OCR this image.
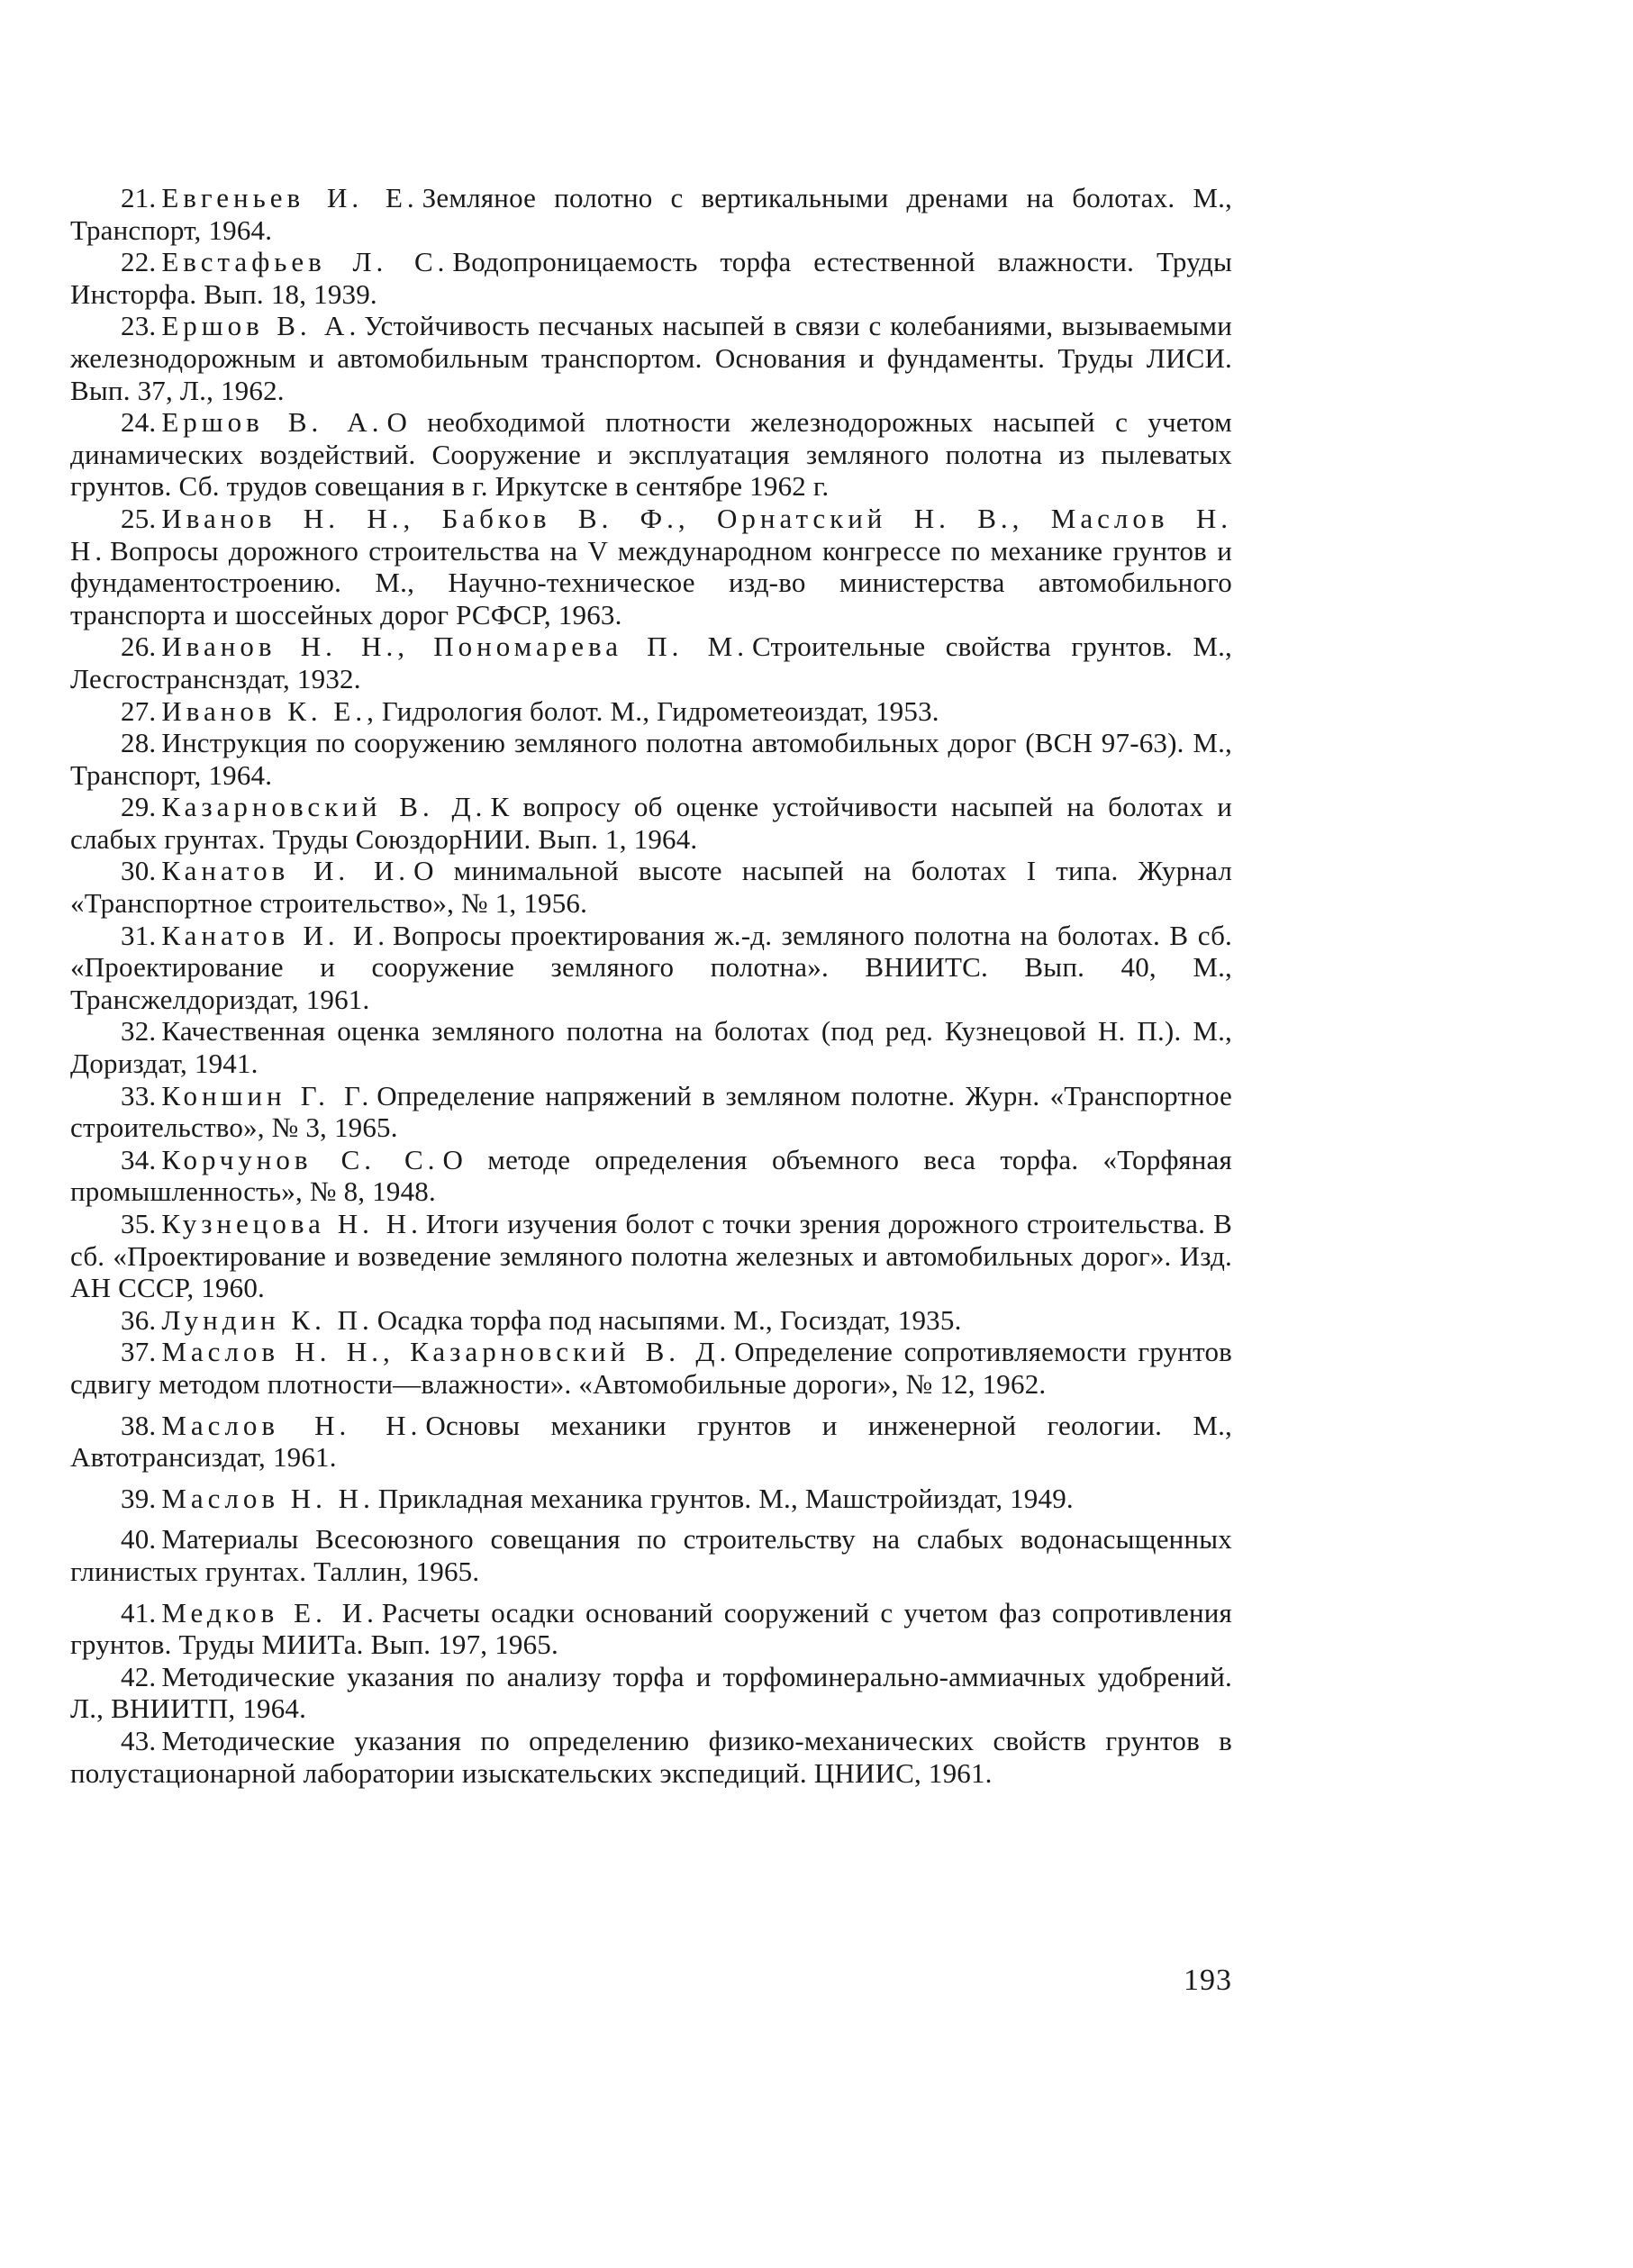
21. Евгеньев И. Е. Земляное полотно с вертикальными дренами на болотах. М., Транспорт, 1964.
22. Евстафьев Л. С. Водопроницаемость торфа естественной влажности. Труды Инсторфа. Вып. 18, 1939.
23. Ершов В. А. Устойчивость песчаных насыпей в связи с колебаниями, вызываемыми железнодорожным и автомобильным транспортом. Основания и фундаменты. Труды ЛИСИ. Вып. 37, Л., 1962.
24. Ершов В. А. О необходимой плотности железнодорожных насыпей с учетом динамических воздействий. Сооружение и эксплуатация земляного полотна из пылеватых грунтов. Сб. трудов совещания в г. Иркутске в сентябре 1962 г.
25. Иванов Н. Н., Бабков В. Ф., Орнатский Н. В., Маслов Н. Н. Вопросы дорожного строительства на V международном конгрессе по механике грунтов и фундаментостроению. М., Научно-техническое изд-во министерства автомобильного транспорта и шоссейных дорог РСФСР, 1963.
26. Иванов Н. Н., Пономарева П. М. Строительные свойства грунтов. М., Лесгостранснздат, 1932.
27. Иванов К. Е., Гидрология болот. М., Гидрометеоиздат, 1953.
28. Инструкция по сооружению земляного полотна автомобильных дорог (ВСН 97-63). М., Транспорт, 1964.
29. Казарновский В. Д. К вопросу об оценке устойчивости насыпей на болотах и слабых грунтах. Труды СоюздорНИИ. Вып. 1, 1964.
30. Канатов И. И. О минимальной высоте насыпей на болотах I типа. Журнал «Транспортное строительство», № 1, 1956.
31. Канатов И. И. Вопросы проектирования ж.-д. земляного полотна на болотах. В сб. «Проектирование и сооружение земляного полотна». ВНИИТС. Вып. 40, М., Трансжелдориздат, 1961.
32. Качественная оценка земляного полотна на болотах (под ред. Кузнецовой Н. П.). М., Дориздат, 1941.
33. Коншин Г. Г. Определение напряжений в земляном полотне. Журн. «Транспортное строительство», № 3, 1965.
34. Корчунов С. С. О методе определения объемного веса торфа. «Торфяная промышленность», № 8, 1948.
35. Кузнецова Н. Н. Итоги изучения болот с точки зрения дорожного строительства. В сб. «Проектирование и возведение земляного полотна железных и автомобильных дорог». Изд. АН СССР, 1960.
36. Лундин К. П. Осадка торфа под насыпями. М., Госиздат, 1935.
37. Маслов Н. Н., Казарновский В. Д. Определение сопротивляемости грунтов сдвигу методом плотности—влажности». «Автомобильные дороги», № 12, 1962.
38. Маслов Н. Н. Основы механики грунтов и инженерной геологии. М., Автотрансиздат, 1961.
39. Маслов Н. Н. Прикладная механика грунтов. М., Машстройиздат, 1949.
40. Материалы Всесоюзного совещания по строительству на слабых водонасыщенных глинистых грунтах. Таллин, 1965.
41. Медков Е. И. Расчеты осадки оснований сооружений с учетом фаз сопротивления грунтов. Труды МИИТа. Вып. 197, 1965.
42. Методические указания по анализу торфа и торфоминерально-аммиачных удобрений. Л., ВНИИТП, 1964.
43. Методические указания по определению физико-механических свойств грунтов в полустационарной лаборатории изыскательских экспедиций. ЦНИИС, 1961.
193
